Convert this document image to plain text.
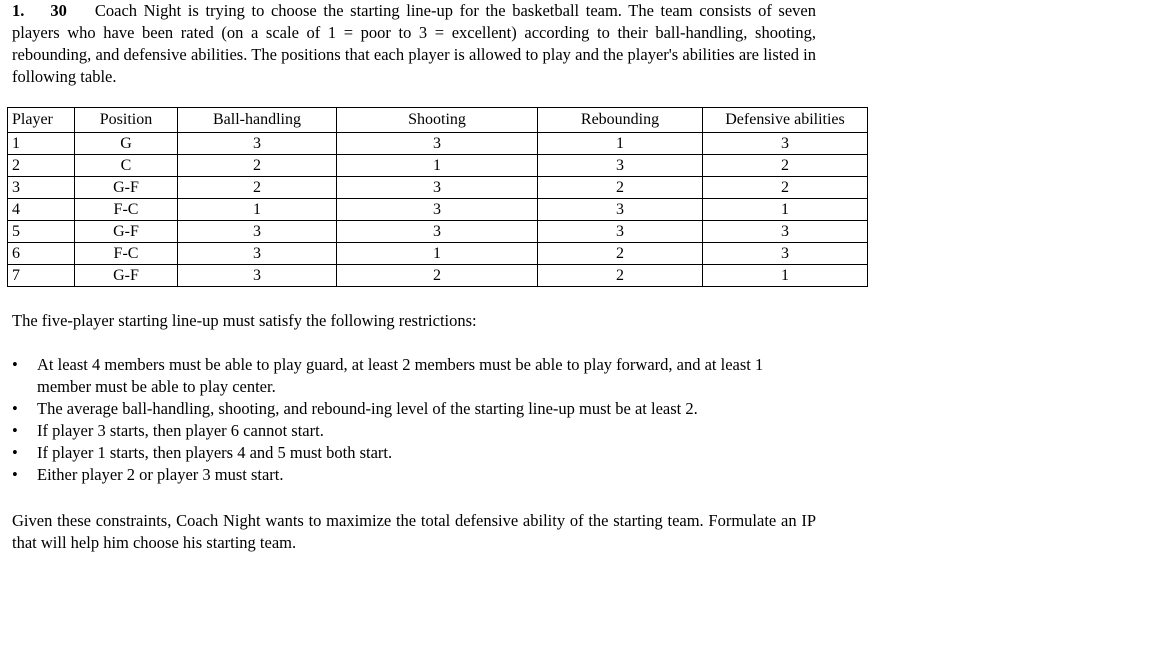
1. 30 Coach Night is trying to choose the starting line-up for the basketball team. The team consists of seven players who have been rated (on a scale of 1 = poor to 3 = excellent) according to their ball-handling, shooting, rebounding, and defensive abilities. The positions that each player is allowed to play and the player's abilities are listed in following table.

Player	Position	Ball-handling	Shooting	Rebounding	Defensive abilities
1	G	3	3	1	3
2	C	2	1	3	2
3	G-F	2	3	2	2
4	F-C	1	3	3	1
5	G-F	3	3	3	3
6	F-C	3	1	2	3
7	G-F	3	2	2	1

The five-player starting line-up must satisfy the following restrictions:

• At least 4 members must be able to play guard, at least 2 members must be able to play forward, and at least 1 member must be able to play center.
• The average ball-handling, shooting, and rebound-ing level of the starting line-up must be at least 2.
• If player 3 starts, then player 6 cannot start.
• If player 1 starts, then players 4 and 5 must both start.
• Either player 2 or player 3 must start.

Given these constraints, Coach Night wants to maximize the total defensive ability of the starting team. Formulate an IP that will help him choose his starting team.
